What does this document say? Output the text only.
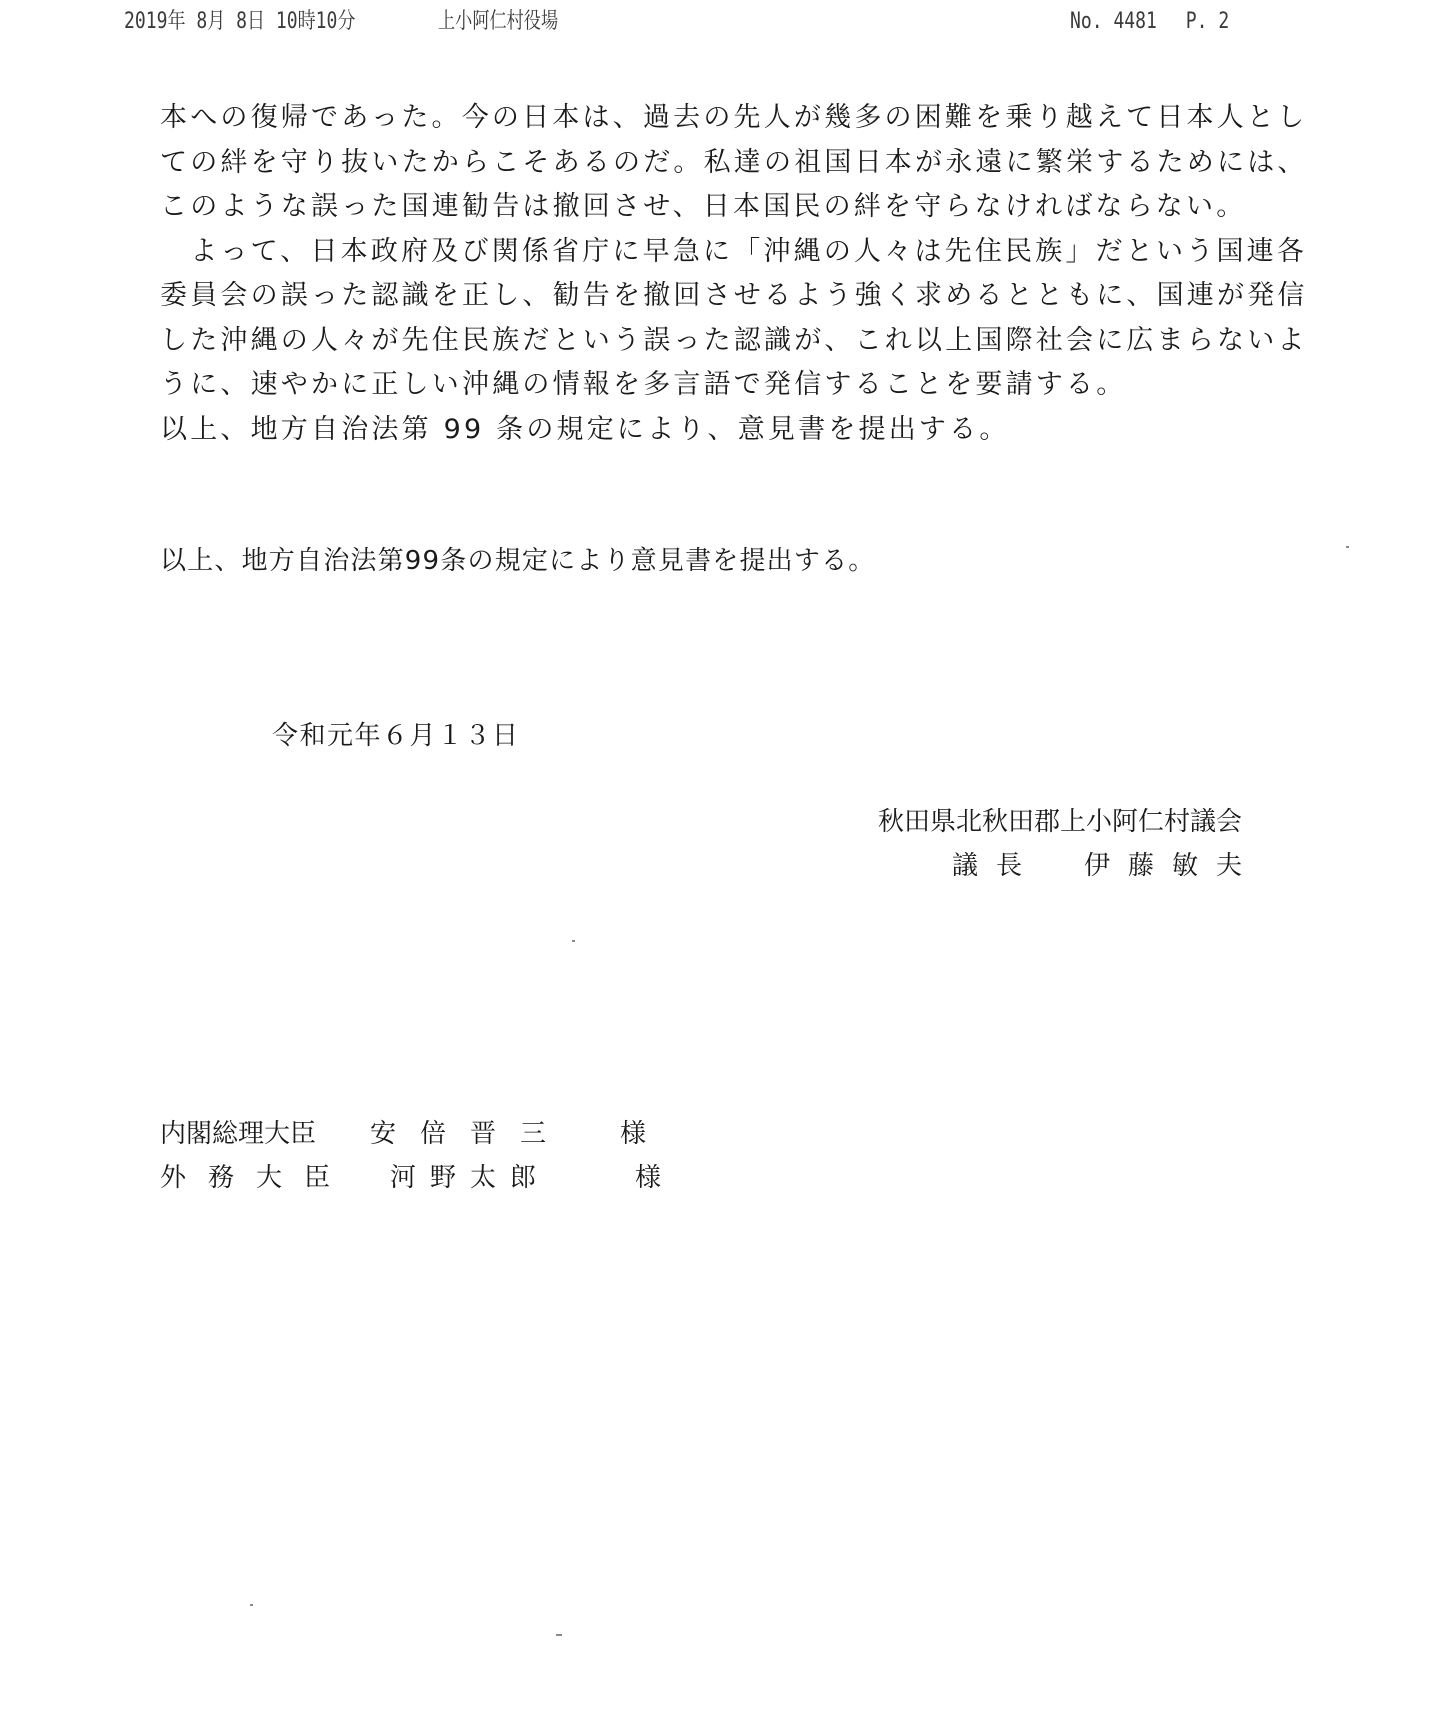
2019年 8月 8日 10時10分	上小阿仁村役場	No. 4481　 P. 2

本への復帰であった。今の日本は、過去の先人が幾多の困難を乗り越えて日本人とし

ての絆を守り抜いたからこそあるのだ。私達の祖国日本が永遠に繁栄するためには、

このような誤った国連勧告は撤回させ、日本国民の絆を守らなければならない。

　よって、日本政府及び関係省庁に早急に「沖縄の人々は先住民族」だという国連各

委員会の誤った認識を正し、勧告を撤回させるよう強く求めるとともに、国連が発信

した沖縄の人々が先住民族だという誤った認識が、これ以上国際社会に広まらないよ

うに、速やかに正しい沖縄の情報を多言語で発信することを要請する。

以上、地方自治法第 99 条の規定により、意見書を提出する。

以上、地方自治法第99条の規定により意見書を提出する。

令和元年６月１３日

秋田県北秋田郡上小阿仁村議会
議長　伊藤敏夫
内閣総理大臣	安倍晋三	様
外務大臣	河野太郎	様
